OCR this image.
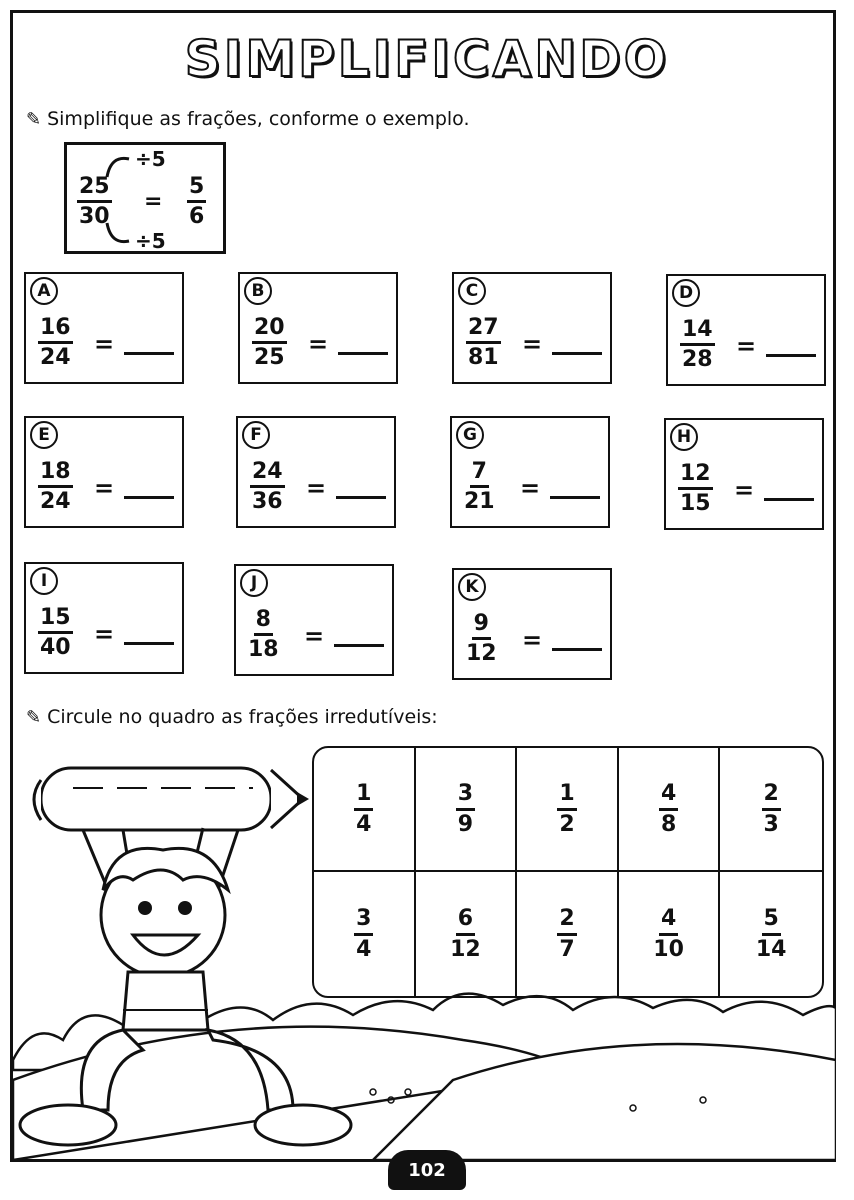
SIMPLIFICANDO
✎ Simplifique as frações, conforme o exemplo.
÷5
$\frac{25}{30} = \frac{5}{6}$
÷5
A
$\frac{16}{24}$ =
B
$\frac{20}{25}$ =
C
$\frac{27}{81}$ =
D
$\frac{14}{28}$ =
E
$\frac{18}{24}$ =
F
$\frac{24}{36}$ =
G
$\frac{7}{21}$ =
H
$\frac{12}{15}$ =
I
$\frac{15}{40}$ =
J
$\frac{8}{18}$ =
K
$\frac{9}{12}$ =
✎ Circule no quadro as frações irredutíveis:
$\frac{1}{4}$	$\frac{3}{9}$	$\frac{1}{2}$	$\frac{4}{8}$	$\frac{2}{3}$
$\frac{3}{4}$	$\frac{6}{12}$	$\frac{2}{7}$	$\frac{4}{10}$	$\frac{5}{14}$
102
